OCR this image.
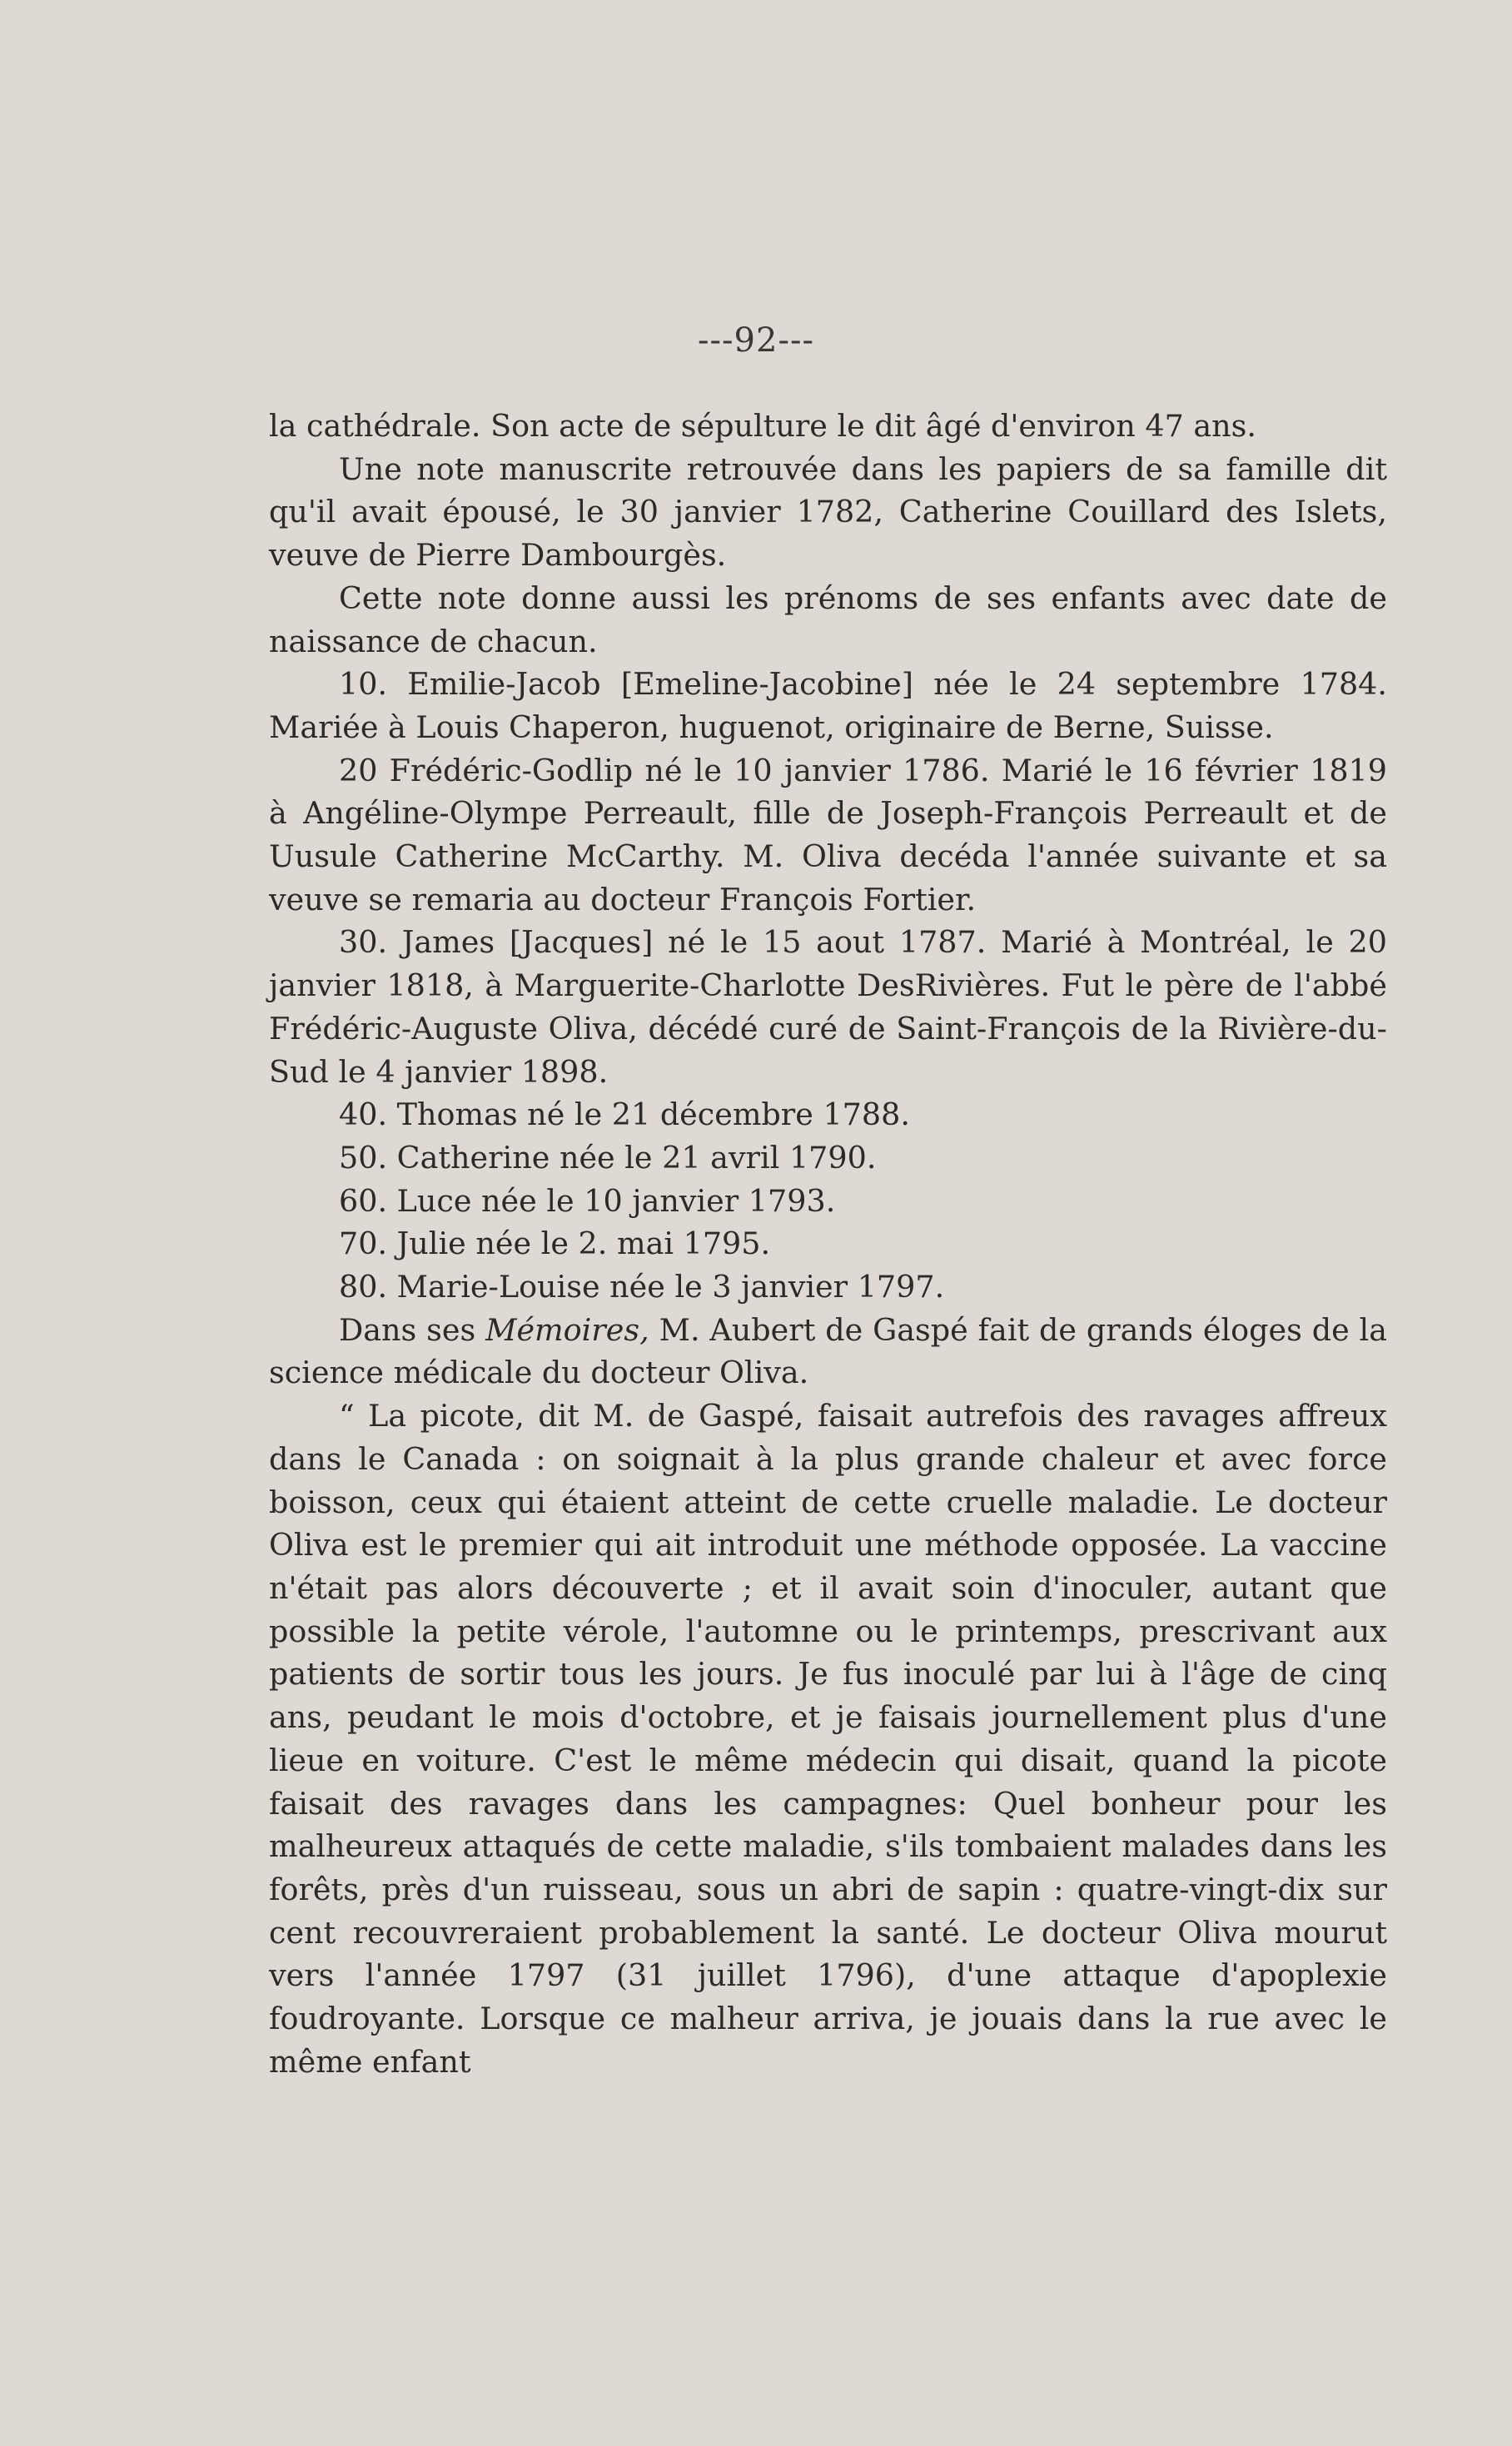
---92---

la cathédrale. Son acte de sépulture le dit âgé d'environ 47 ans.

Une note manuscrite retrouvée dans les papiers de sa famille dit qu'il avait épousé, le 30 janvier 1782, Catherine Couillard des Islets, veuve de Pierre Dambourgès.

Cette note donne aussi les prénoms de ses enfants avec date de naissance de chacun.

10. Emilie-Jacob [Emeline-Jacobine] née le 24 septembre 1784. Mariée à Louis Chaperon, huguenot, originaire de Berne, Suisse.

20 Frédéric-Godlip né le 10 janvier 1786. Marié le 16 février 1819 à Angéline-Olympe Perreault, fille de Joseph-François Perreault et de Uusule Catherine McCarthy. M. Oliva decéda l'année suivante et sa veuve se remaria au docteur François Fortier.

30. James [Jacques] né le 15 aout 1787. Marié à Montréal, le 20 janvier 1818, à Marguerite-Charlotte DesRivières. Fut le père de l'abbé Frédéric-Auguste Oliva, décédé curé de Saint-François de la Rivière-du-Sud le 4 janvier 1898.

40. Thomas né le 21 décembre 1788.

50. Catherine née le 21 avril 1790.

60. Luce née le 10 janvier 1793.

70. Julie née le 2. mai 1795.

80. Marie-Louise née le 3 janvier 1797.

Dans ses Mémoires, M. Aubert de Gaspé fait de grands éloges de la science médicale du docteur Oliva.

“ La picote, dit M. de Gaspé, faisait autrefois des ravages affreux dans le Canada : on soignait à la plus grande chaleur et avec force boisson, ceux qui étaient atteint de cette cruelle maladie. Le docteur Oliva est le premier qui ait introduit une méthode opposée. La vaccine n'était pas alors découverte ; et il avait soin d'inoculer, autant que possible la petite vérole, l'automne ou le printemps, prescrivant aux patients de sortir tous les jours. Je fus inoculé par lui à l'âge de cinq ans, peudant le mois d'octobre, et je faisais journellement plus d'une lieue en voiture. C'est le même médecin qui disait, quand la picote faisait des ravages dans les campagnes: Quel bonheur pour les malheureux attaqués de cette maladie, s'ils tombaient malades dans les forêts, près d'un ruisseau, sous un abri de sapin : quatre-vingt-dix sur cent recouvreraient probablement la santé. Le docteur Oliva mourut vers l'année 1797 (31 juillet 1796), d'une attaque d'apoplexie foudroyante. Lorsque ce malheur arriva, je jouais dans la rue avec le même enfant
